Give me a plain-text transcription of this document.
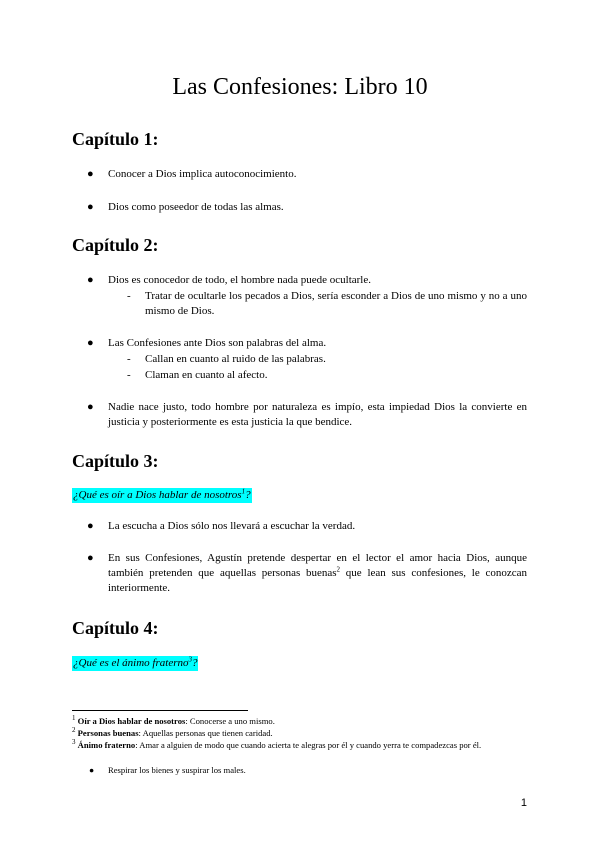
Las Confesiones: Libro 10
Capítulo 1:
● Conocer a Dios implica autoconocimiento.
● Dios como poseedor de todas las almas.
Capítulo 2:
● Dios es conocedor de todo, el hombre nada puede ocultarle.
- Tratar de ocultarle los pecados a Dios, sería esconder a Dios de uno mismo y no a uno mismo de Dios.
● Las Confesiones ante Dios son palabras del alma.
- Callan en cuanto al ruido de las palabras.
- Claman en cuanto al afecto.
● Nadie nace justo, todo hombre por naturaleza es impío, esta impiedad Dios la convierte en justicia y posteriormente es esta justicia la que bendice.
Capítulo 3:
¿Qué es oír a Dios hablar de nosotros$^1$?
● La escucha a Dios sólo nos llevará a escuchar la verdad.
● En sus Confesiones, Agustín pretende despertar en el lector el amor hacia Dios, aunque también pretenden que aquellas personas buenas$^2$ que lean sus confesiones, le conozcan interiormente.
Capítulo 4:
¿Qué es el ánimo fraterno$^3$?
$^1$ Oír a Dios hablar de nosotros: Conocerse a uno mismo.
$^2$ Personas buenas: Aquellas personas que tienen caridad.
$^3$ Ánimo fraterno: Amar a alguien de modo que cuando acierta te alegras por él y cuando yerra te compadezcas por él.
● Respirar los bienes y suspirar los males.
1
